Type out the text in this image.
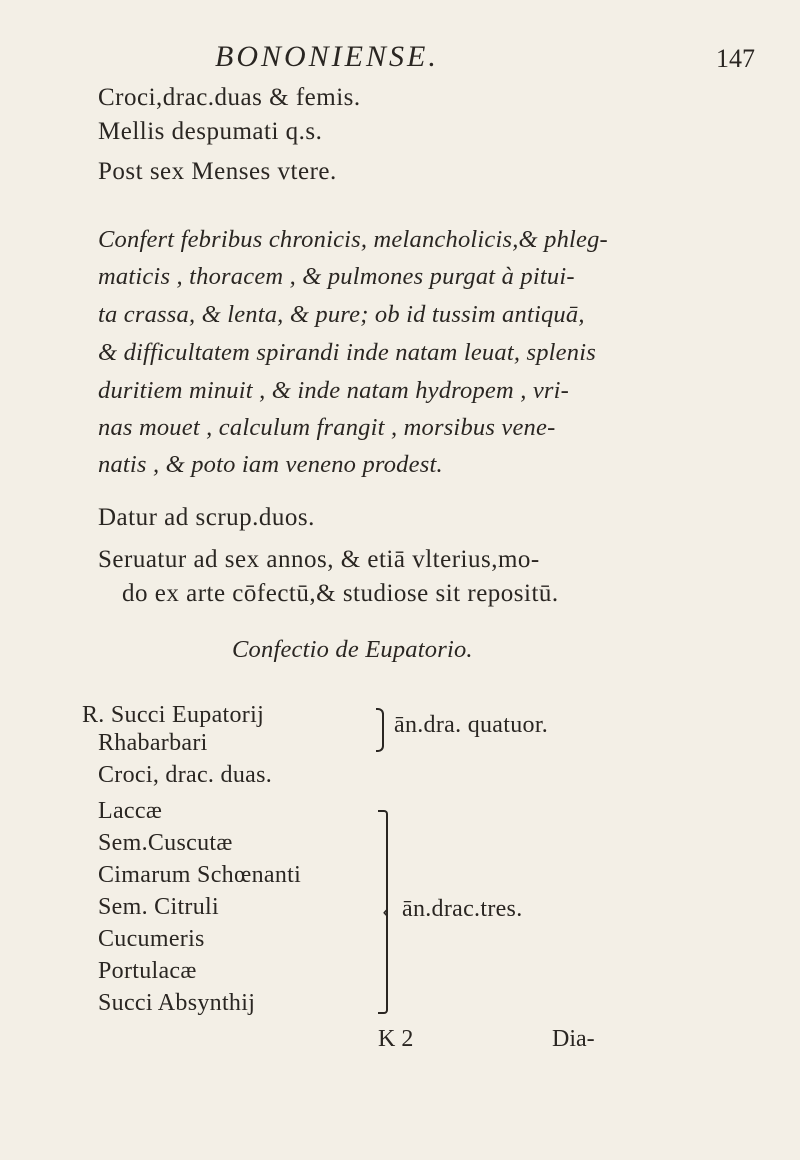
BONONIENSE.	147
Croci,drac.duas & femis.
Mellis despumati q.s.
Post sex Menses vtere.
Confert febribus chronicis, melancholicis,& phleg-
maticis , thoracem , & pulmones purgat à pitui-
ta crassa, & lenta, & pure; ob id tussim antiquā,
& difficultatem spirandi inde natam leuat, splenis
duritiem minuit , & inde natam hydropem , vri-
nas mouet , calculum frangit , morsibus vene-
natis , & poto iam veneno prodest.
Datur ad scrup.duos.
Seruatur ad sex annos, & etiā vlterius,mo-
do ex arte cōfectū,& studiose sit repositū.
Confectio de Eupatorio.
R. Succi Eupatorij
Rhabarbari
ān.dra. quatuor.
Croci, drac. duas.
Laccæ
Sem.Cuscutæ
Cimarum Schœnanti
Sem. Citruli
Cucumeris
Portulacæ
Succi Absynthij
‹ ān.drac.tres.
K 2	Dia-
